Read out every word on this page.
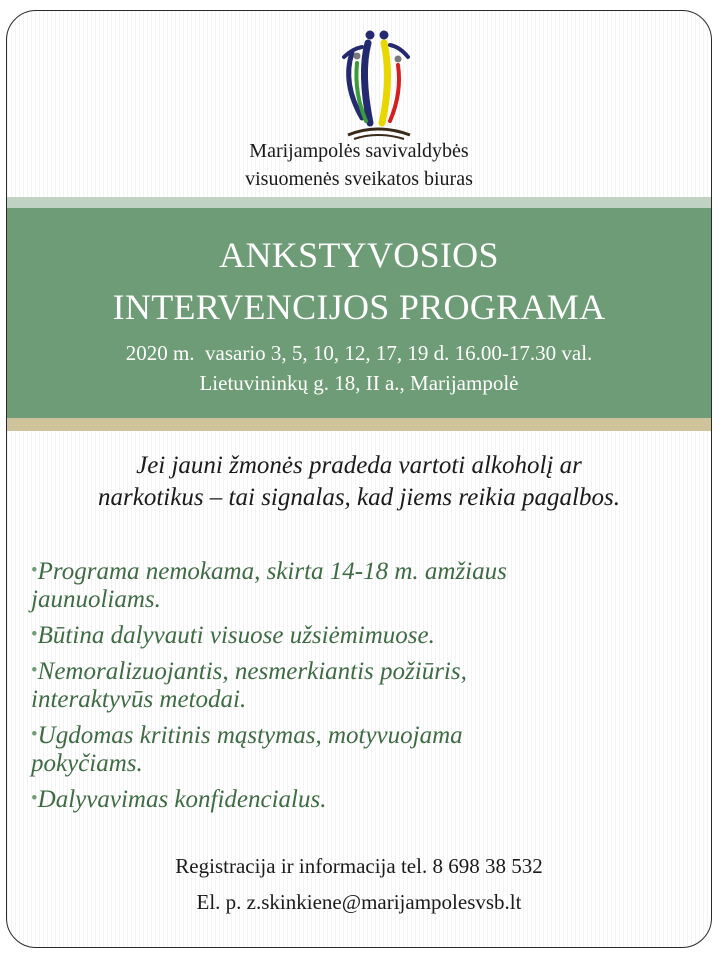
Marijampolės savivaldybės
visuomenės sveikatos biuras
ANKSTYVOSIOS
INTERVENCIJOS PROGRAMA
2020 m.  vasario 3, 5, 10, 12, 17, 19 d. 16.00-17.30 val.
Lietuvininkų g. 18, II a., Marijampolė
Jei jauni žmonės pradeda vartoti alkoholį ar
narkotikus – tai signalas, kad jiems reikia pagalbos.
•Programa nemokama, skirta 14-18 m. amžiaus
jaunuoliams.
•Būtina dalyvauti visuose užsiėmimuose.
•Nemoralizuojantis, nesmerkiantis požiūris,
interaktyvūs metodai.
•Ugdomas kritinis mąstymas, motyvuojama
pokyčiams.
•Dalyvavimas konfidencialus.
Registracija ir informacija tel. 8 698 38 532
El. p. z.skinkiene@marijampolesvsb.lt
